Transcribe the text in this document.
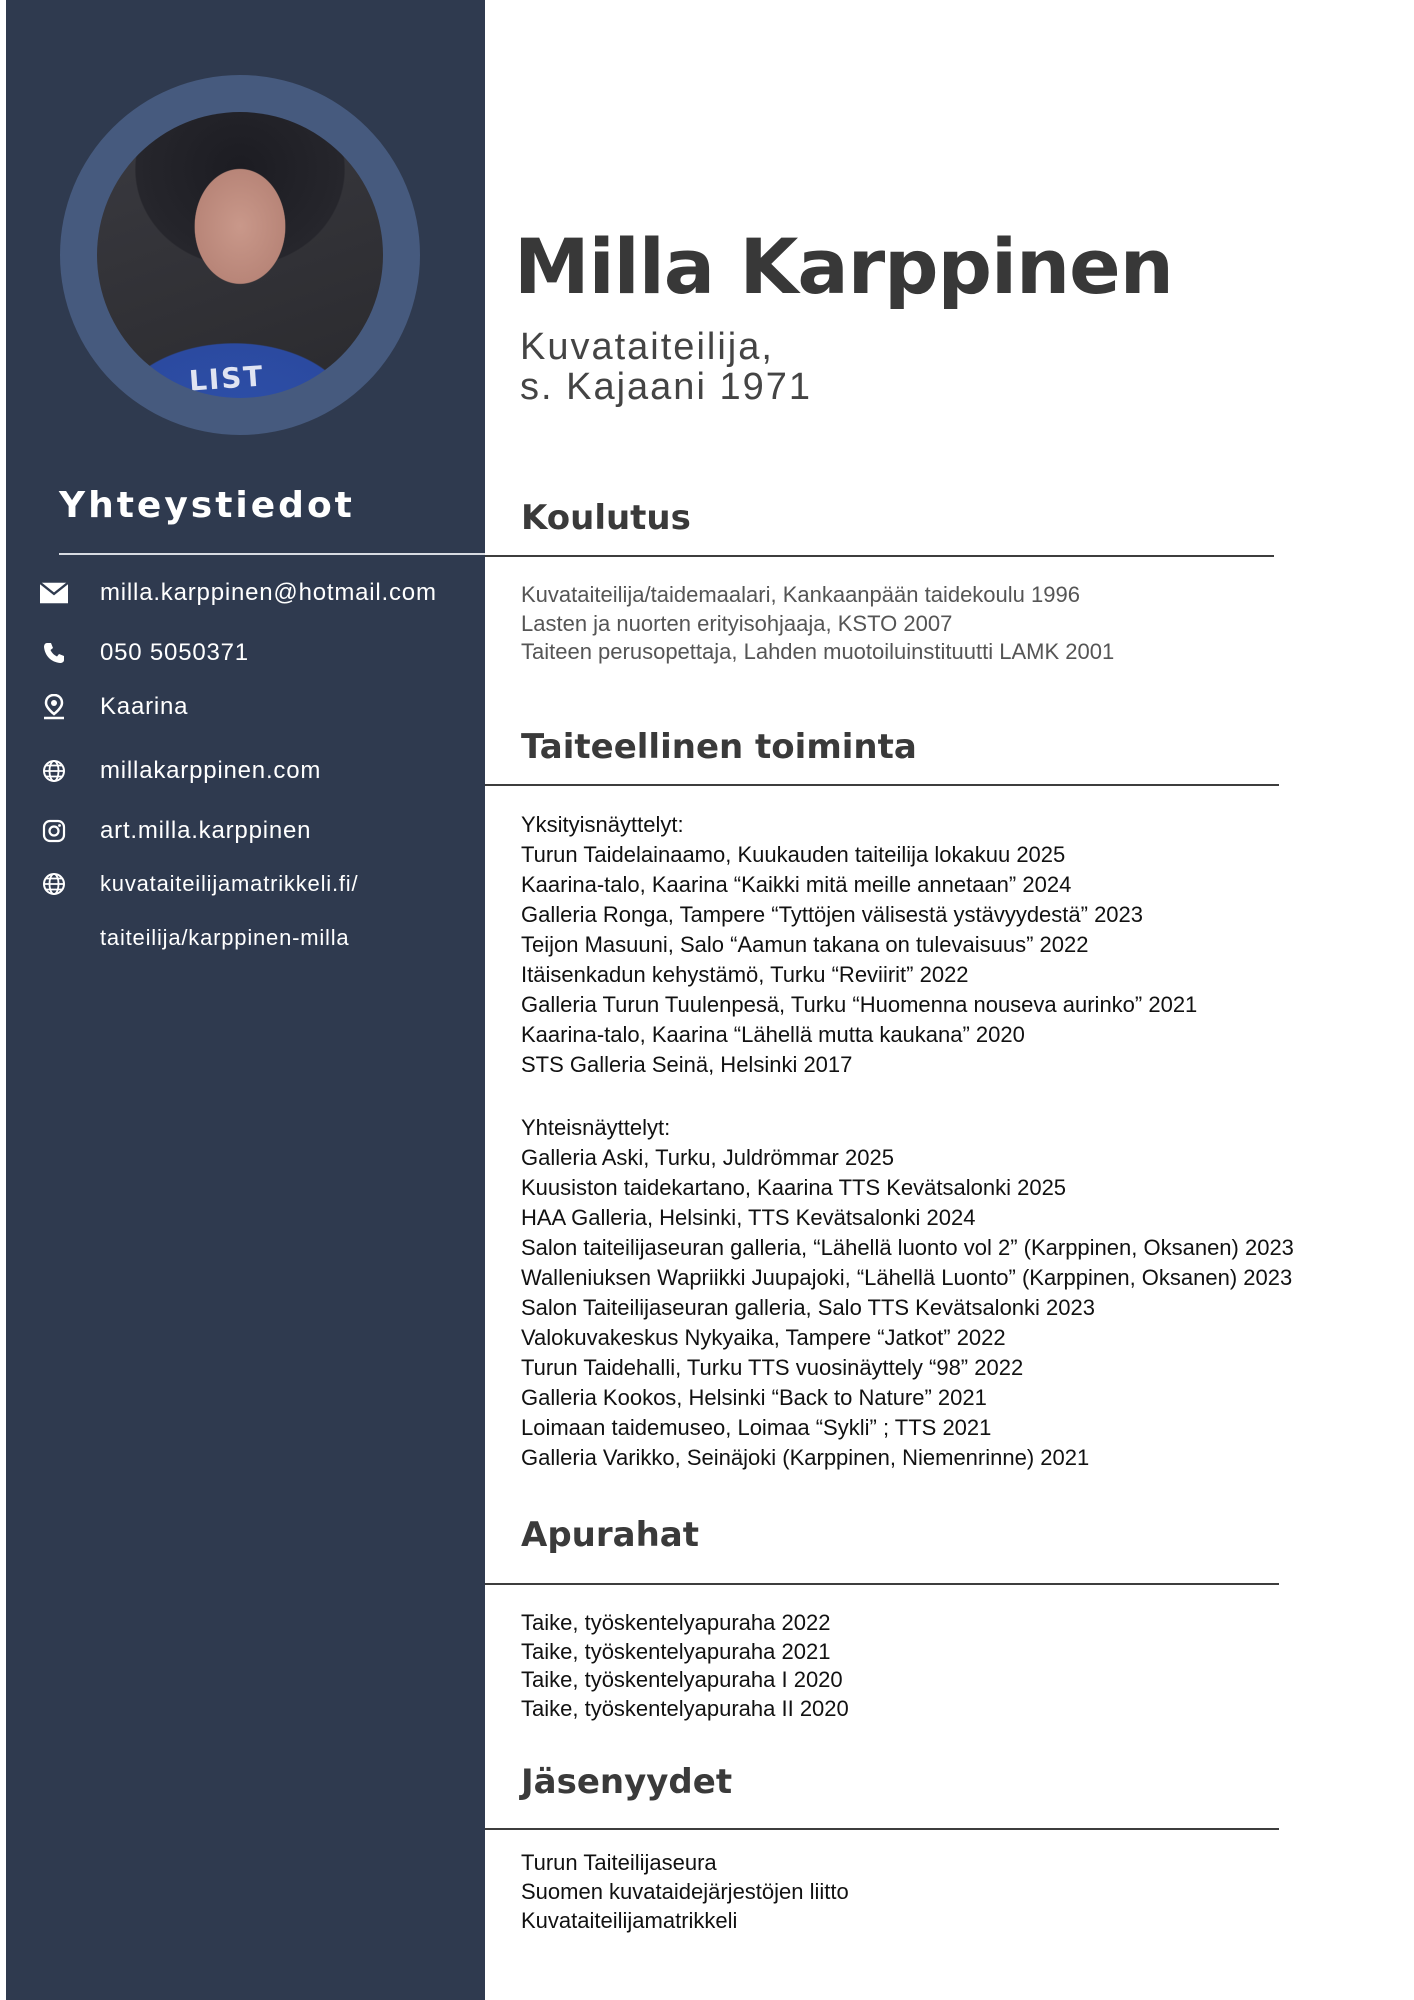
LIST
Yhteystiedot
milla.karppinen@hotmail.com
050 5050371
Kaarina
millakarppinen.com
art.milla.karppinen
kuvataiteilijamatrikkeli.fi/
taiteilija/karppinen-milla
Milla Karppinen
Kuvataiteilija,
s. Kajaani 1971
Koulutus
Kuvataiteilija/taidemaalari, Kankaanpään taidekoulu 1996
Lasten ja nuorten erityisohjaaja, KSTO 2007
Taiteen perusopettaja, Lahden muotoiluinstituutti LAMK 2001
Taiteellinen toiminta
Yksityisnäyttelyt:
Turun Taidelainaamo, Kuukauden taiteilija lokakuu 2025
Kaarina-talo, Kaarina “Kaikki mitä meille annetaan” 2024
Galleria Ronga, Tampere “Tyttöjen välisestä ystävyydestä” 2023
Teijon Masuuni, Salo “Aamun takana on tulevaisuus” 2022
Itäisenkadun kehystämö, Turku “Reviirit” 2022
Galleria Turun Tuulenpesä, Turku “Huomenna nouseva aurinko” 2021
Kaarina-talo, Kaarina “Lähellä mutta kaukana” 2020
STS Galleria Seinä, Helsinki 2017
Yhteisnäyttelyt:
Galleria Aski, Turku, Juldrömmar 2025
Kuusiston taidekartano, Kaarina TTS Kevätsalonki 2025
HAA Galleria, Helsinki, TTS Kevätsalonki 2024
Salon taiteilijaseuran galleria, “Lähellä luonto vol 2” (Karppinen, Oksanen) 2023
Walleniuksen Wapriikki Juupajoki, “Lähellä Luonto” (Karppinen, Oksanen) 2023
Salon Taiteilijaseuran galleria, Salo TTS Kevätsalonki 2023
Valokuvakeskus Nykyaika, Tampere “Jatkot” 2022
Turun Taidehalli, Turku TTS vuosinäyttely “98” 2022
Galleria Kookos, Helsinki “Back to Nature” 2021
Loimaan taidemuseo, Loimaa “Sykli” ; TTS 2021
Galleria Varikko, Seinäjoki (Karppinen, Niemenrinne) 2021
Apurahat
Taike, työskentelyapuraha 2022
Taike, työskentelyapuraha 2021
Taike, työskentelyapuraha I 2020
Taike, työskentelyapuraha II 2020
Jäsenyydet
Turun Taiteilijaseura
Suomen kuvataidejärjestöjen liitto
Kuvataiteilijamatrikkeli
